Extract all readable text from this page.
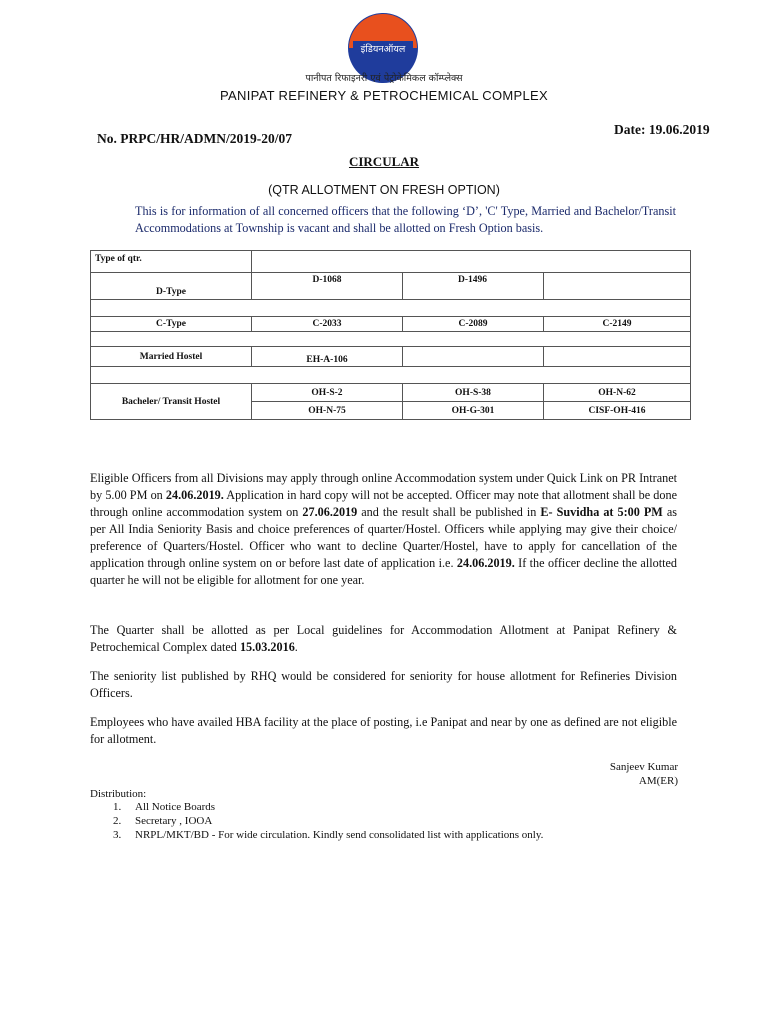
इंडियनऑयल
पानीपत रिफाइनरी एवं पेट्रोकेमिकल कॉम्प्लेक्स
PANIPAT REFINERY & PETROCHEMICAL COMPLEX
Date: 19.06.2019
No. PRPC/HR/ADMN/2019-20/07
CIRCULAR
(QTR ALLOTMENT ON FRESH OPTION)
This is for information of all concerned officers that the following ‘D’, 'C' Type, Married and Bachelor/Transit Accommodations at Township is vacant and shall be allotted on Fresh Option basis.
Type of qtr.			
D-Type	D-1068	D-1496	

C-Type	C-2033	C-2089	C-2149

Married Hostel	EH-A-106		

Bacheler/ Transit Hostel	OH-S-2	OH-S-38	OH-N-62
	OH-N-75	OH-G-301	CISF-OH-416
Eligible Officers from all Divisions may apply through online Accommodation system under Quick Link on PR Intranet by 5.00 PM on 24.06.2019. Application in hard copy will not be accepted. Officer may note that allotment shall be done through online accommodation system on 27.06.2019 and the result shall be published in E- Suvidha at 5:00 PM as per All India Seniority Basis and choice preferences of quarter/Hostel. Officers while applying may give their choice/ preference of Quarters/Hostel. Officer who want to decline Quarter/Hostel, have to apply for cancellation of the application through online system on or before last date of application i.e. 24.06.2019. If the officer decline the allotted quarter he will not be eligible for allotment for one year.
The Quarter shall be allotted as per Local guidelines for Accommodation Allotment at Panipat Refinery & Petrochemical Complex dated 15.03.2016.
The seniority list published by RHQ would be considered for seniority for house allotment for Refineries Division Officers.
Employees who have availed HBA facility at the place of posting, i.e Panipat and near by one as defined are not eligible for allotment.
Sanjeev Kumar
AM(ER)
Distribution:
1.	All Notice Boards
2.	Secretary , IOOA
3.	NRPL/MKT/BD - For wide circulation. Kindly send consolidated list with applications only.
